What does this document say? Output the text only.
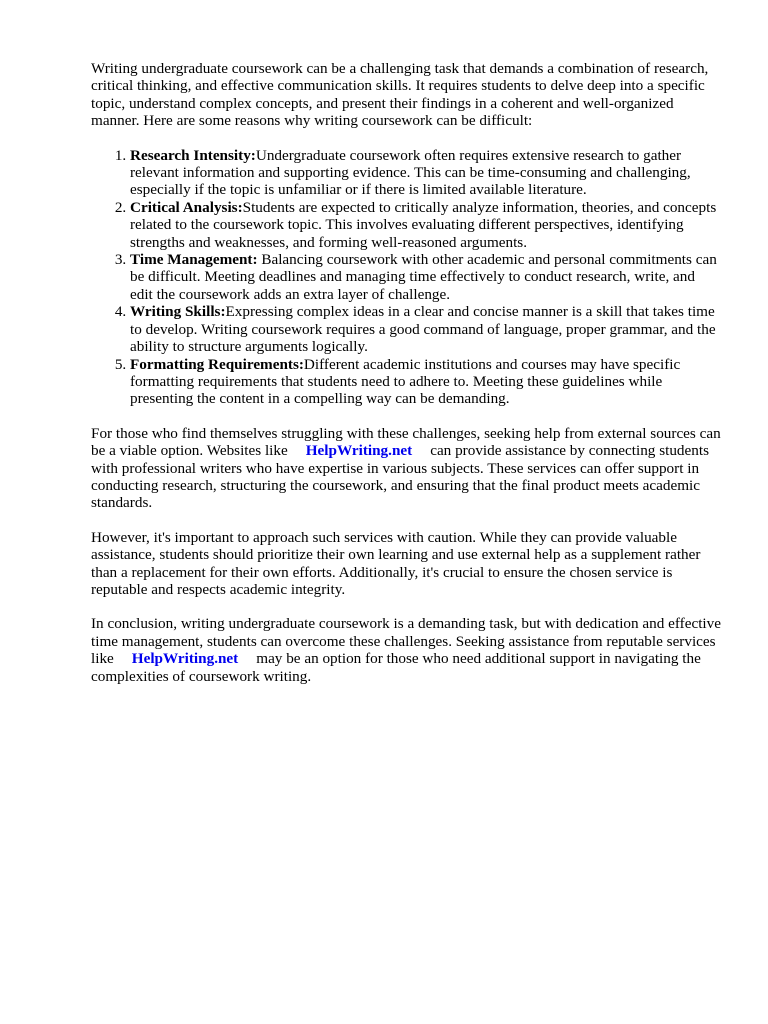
Writing undergraduate coursework can be a challenging task that demands a combination of research, critical thinking, and effective communication skills. It requires students to delve deep into a specific topic, understand complex concepts, and present their findings in a coherent and well-organized manner. Here are some reasons why writing coursework can be difficult:

1. Research Intensity:Undergraduate coursework often requires extensive research to gather relevant information and supporting evidence. This can be time-consuming and challenging, especially if the topic is unfamiliar or if there is limited available literature.
2. Critical Analysis:Students are expected to critically analyze information, theories, and concepts related to the coursework topic. This involves evaluating different perspectives, identifying strengths and weaknesses, and forming well-reasoned arguments.
3. Time Management: Balancing coursework with other academic and personal commitments can be difficult. Meeting deadlines and managing time effectively to conduct research, write, and edit the coursework adds an extra layer of challenge.
4. Writing Skills:Expressing complex ideas in a clear and concise manner is a skill that takes time to develop. Writing coursework requires a good command of language, proper grammar, and the ability to structure arguments logically.
5. Formatting Requirements:Different academic institutions and courses may have specific formatting requirements that students need to adhere to. Meeting these guidelines while presenting the content in a compelling way can be demanding.

For those who find themselves struggling with these challenges, seeking help from external sources can be a viable option. Websites like HelpWriting.net can provide assistance by connecting students with professional writers who have expertise in various subjects. These services can offer support in conducting research, structuring the coursework, and ensuring that the final product meets academic standards.

However, it's important to approach such services with caution. While they can provide valuable assistance, students should prioritize their own learning and use external help as a supplement rather than a replacement for their own efforts. Additionally, it's crucial to ensure the chosen service is reputable and respects academic integrity.

In conclusion, writing undergraduate coursework is a demanding task, but with dedication and effective time management, students can overcome these challenges. Seeking assistance from reputable services like HelpWriting.net may be an option for those who need additional support in navigating the complexities of coursework writing.
